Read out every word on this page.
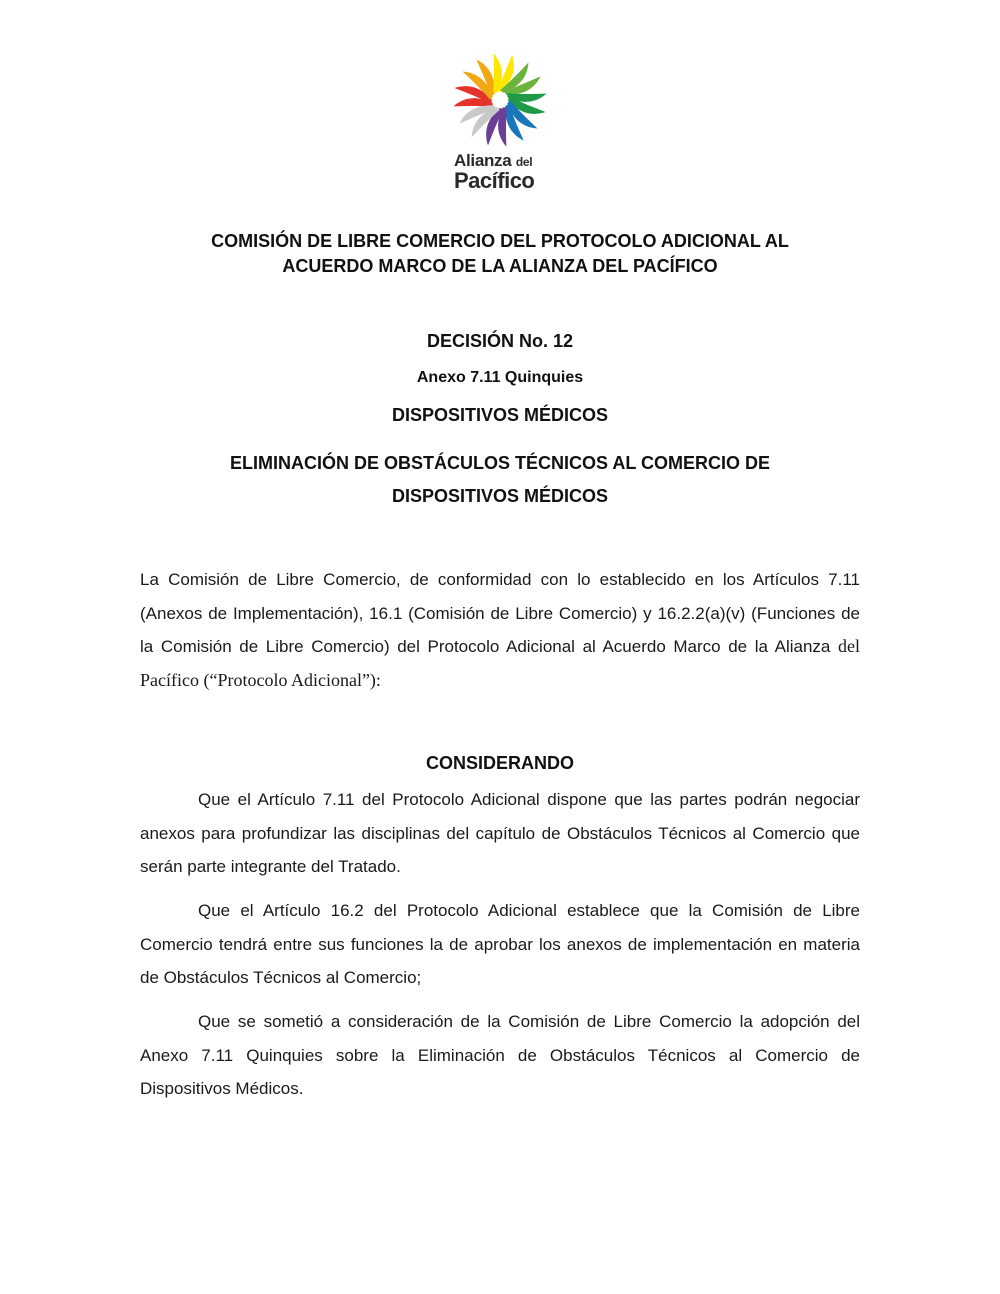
Alianza del
Pacífico
COMISIÓN DE LIBRE COMERCIO DEL PROTOCOLO ADICIONAL AL
ACUERDO MARCO DE LA ALIANZA DEL PACÍFICO
DECISIÓN No. 12
Anexo 7.11 Quinquies
DISPOSITIVOS MÉDICOS
ELIMINACIÓN DE OBSTÁCULOS TÉCNICOS AL COMERCIO DE
DISPOSITIVOS MÉDICOS
La Comisión de Libre Comercio, de conformidad con lo establecido en los Artículos 7.11 (Anexos de Implementación), 16.1 (Comisión de Libre Comercio) y 16.2.2(a)(v) (Funciones de la Comisión de Libre Comercio) del Protocolo Adicional al Acuerdo Marco de la Alianza del Pacífico (“Protocolo Adicional”):
CONSIDERANDO
Que el Artículo 7.11 del Protocolo Adicional dispone que las partes podrán negociar anexos para profundizar las disciplinas del capítulo de Obstáculos Técnicos al Comercio que serán parte integrante del Tratado.
Que el Artículo 16.2 del Protocolo Adicional establece que la Comisión de Libre Comercio tendrá entre sus funciones la de aprobar los anexos de implementación en materia de Obstáculos Técnicos al Comercio;
Que se sometió a consideración de la Comisión de Libre Comercio la adopción del Anexo 7.11 Quinquies sobre la Eliminación de Obstáculos Técnicos al Comercio de Dispositivos Médicos.
